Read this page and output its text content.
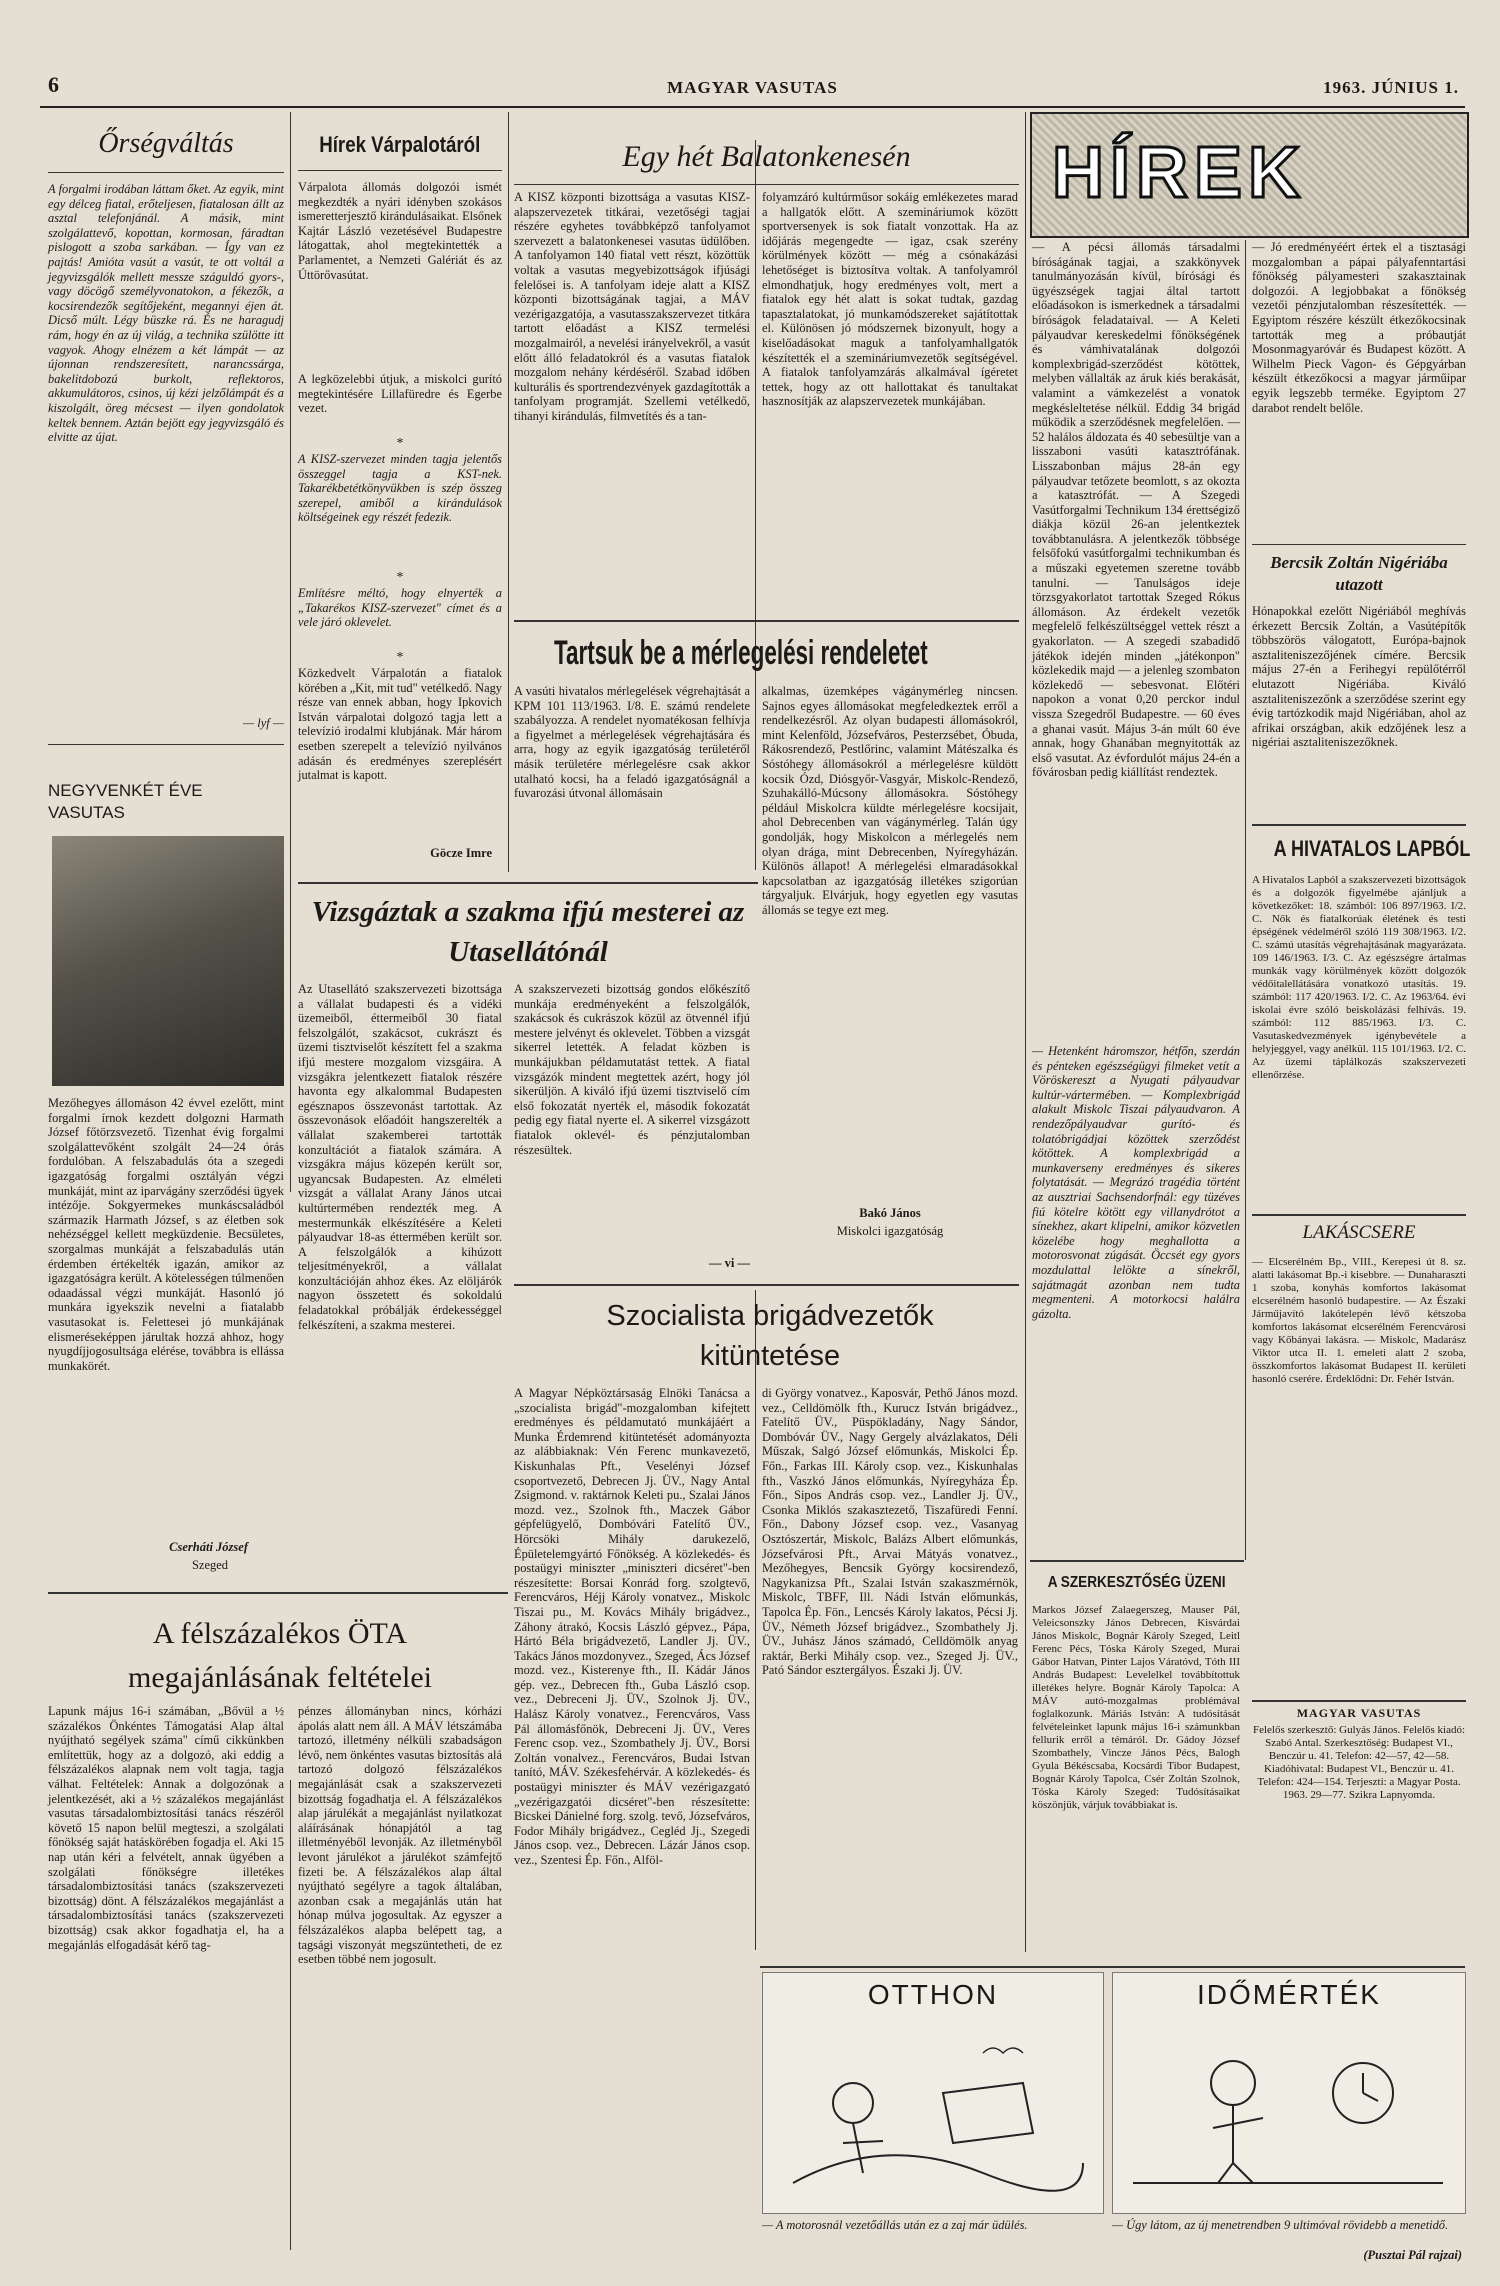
6	MAGYAR VASUTAS	1963. JÚNIUS 1.
Őrségváltás
A forgalmi irodában láttam őket. Az egyik, mint egy délceg fiatal, erőteljesen, fiatalosan állt az asztal telefonjánál. A másik, mint szolgálattevő, kopottan, kormosan, fáradtan pislogott a szoba sarkában. — Így van ez pajtás! Amióta vasút a vasút, te ott voltál a jegyvizsgálók mellett messze száguldó gyors-, vagy döcögő személyvonatokon, a fékezők, a kocsirendezők segítőjeként, megannyi éjen át. Dicső múlt. Légy büszke rá. És ne haragudj rám, hogy én az új világ, a technika szülötte itt vagyok. Ahogy elnézem a két lámpát — az újonnan rendszeresített, narancssárga, bakelitdobozú burkolt, reflektoros, akkumulátoros, csinos, új kézi jelzőlámpát és a kiszolgált, öreg mécsest — ilyen gondolatok keltek bennem. Aztán bejött egy jegyvizsgáló és elvitte az újat.
— lyf —
NEGYVENKÉT ÉVE VASUTAS
Mezőhegyes állomáson 42 évvel ezelőtt, mint forgalmi írnok kezdett dolgozni Harmath József főtörzsvezető. Tizenhat évig forgalmi szolgálattevőként szolgált 24—24 órás fordulóban. A felszabadulás óta a szegedi igazgatóság forgalmi osztályán végzi munkáját, mint az iparvágány szerződési ügyek intézője. Sokgyermekes munkáscsaládból származik Harmath József, s az életben sok nehézséggel kellett megküzdenie. Becsületes, szorgalmas munkáját a felszabadulás után érdemben értékelték igazán, amikor az igazgatóságra került. A kötelességen túlmenően odaadással végzi munkáját. Hasonló jó munkára igyekszik nevelni a fiatalabb vasutasokat is. Felettesei jó munkájának elismeréseképpen járultak hozzá ahhoz, hogy nyugdíjjogosultsága elérése, továbbra is ellássa munkakörét.
Cserháti József
Szeged
Hírek Várpalotáról
Várpalota állomás dolgozói ismét megkezdték a nyári idényben szokásos ismeretterjesztő kirándulásaikat. Elsőnek Kajtár László vezetésével Budapestre látogattak, ahol megtekintették a Parlamentet, a Nemzeti Galériát és az Úttörővasútat.
A legközelebbi útjuk, a miskolci gurító megtekintésére Lillafüredre és Egerbe vezet.
*
A KISZ-szervezet minden tagja jelentős összeggel tagja a KST-nek. Takarékbetétkönyvükben is szép összeg szerepel, amiből a kirándulások költségeinek egy részét fedezik.
*
Említésre méltó, hogy elnyerték a „Takarékos KISZ-szervezet" címet és a vele járó oklevelet.
*
Közkedvelt Várpalotán a fiatalok körében a „Kit, mit tud" vetélkedő. Nagy része van ennek abban, hogy Ipkovich István várpalotai dolgozó tagja lett a televízió irodalmi klubjának. Már három esetben szerepelt a televízió nyilvános adásán és eredményes szereplésért jutalmat is kapott.
Göcze Imre
Egy hét Balatonkenesén
A KISZ központi bizottsága a vasutas KISZ-alapszervezetek titkárai, vezetőségi tagjai részére egyhetes továbbképző tanfolyamot szervezett a balatonkenesei vasutas üdülőben. A tanfolyamon 140 fiatal vett részt, közöttük voltak a vasutas megyebizottságok ifjúsági felelősei is. A tanfolyam ideje alatt a KISZ központi bizottságának tagjai, a MÁV vezérigazgatója, a vasutasszakszervezet titkára tartott előadást a KISZ termelési mozgalmairól, a nevelési irányelvekről, a vasút előtt álló feladatokról és a vasutas fiatalok mozgalom nehány kérdéséről. Szabad időben kulturális és sportrendezvények gazdagították a tanfolyam programját. Szellemi vetélkedő, tihanyi kirándulás, filmvetítés és a tan-
folyamzáró kultúrműsor sokáig emlékezetes marad a hallgatók előtt. A szemináriumok között sportversenyek is sok fiatalt vonzottak. Ha az időjárás megengedte — igaz, csak szerény körülmények között — még a csónakázási lehetőséget is biztosítva voltak. A tanfolyamról elmondhatjuk, hogy eredményes volt, mert a fiatalok egy hét alatt is sokat tudtak, gazdag tapasztalatokat, jó munkamódszereket sajátítottak el. Különösen jó módszernek bizonyult, hogy a kiselőadásokat maguk a tanfolyamhallgatók készítették el a szemináriumvezetők segítségével. A fiatalok tanfolyamzárás alkalmával ígéretet tettek, hogy az ott hallottakat és tanultakat hasznosítják az alapszervezetek munkájában.
Tartsuk be a mérlegelési rendeletet
A vasúti hivatalos mérlegelések végrehajtását a KPM 101 113/1963. I/8. E. számú rendelete szabályozza. A rendelet nyomatékosan felhívja a figyelmet a mérlegelések végrehajtására és arra, hogy az egyik igazgatóság területéről másik területére mérlegelésre csak akkor utalható kocsi, ha a feladó igazgatóságnál a fuvarozási útvonal állomásain
alkalmas, üzemképes vágánymérleg nincsen. Sajnos egyes állomásokat megfeledkeztek erről a rendelkezésről. Az olyan budapesti állomásokról, mint Kelenföld, Józsefváros, Pesterzsébet, Óbuda, Rákosrendező, Pestlőrinc, valamint Mátészalka és Sóstóhegy állomásokról a mérlegelésre küldött kocsik Ózd, Diósgyőr-Vasgyár, Miskolc-Rendező, Szuhakálló-Múcsony állomásokra. Sóstóhegy például Miskolcra küldte mérlegelésre kocsijait, ahol Debrecenben van vágánymérleg. Talán úgy gondolják, hogy Miskolcon a mérlegelés nem olyan drága, mint Debrecenben, Nyíregyházán. Különös állapot! A mérlegelési elmaradásokkal kapcsolatban az igazgatóság illetékes szigorúan tárgyaljuk. Elvárjuk, hogy egyetlen egy vasutas állomás se tegye ezt meg.
Bakó János
Miskolci igazgatóság
Vizsgáztak a szakma ifjú mesterei az Utasellátónál
Az Utasellátó szakszervezeti bizottsága a vállalat budapesti és a vidéki üzemeiből, éttermeiből 30 fiatal felszolgálót, szakácsot, cukrászt és üzemi tisztviselőt készített fel a szakma ifjú mestere mozgalom vizsgáira. A vizsgákra jelentkezett fiatalok részére havonta egy alkalommal Budapesten egésznapos összevonást tartottak. Az összevonások előadóit hangszerelték a vállalat szakemberei tartották konzultációt a fiatalok számára. A vizsgákra május közepén került sor, ugyancsak Budapesten. Az elméleti vizsgát a vállalat Arany János utcai kultúrtermében rendezték meg. A mestermunkák elkészítésére a Keleti pályaudvar 18-as éttermében került sor. A felszolgálók a kihúzott teljesítményekről, a vállalat konzultációján ahhoz ékes. Az elöljárók nagyon összetett és sokoldalú feladatokkal próbálják érdekességgel felkészíteni, a szakma mesterei.
A szakszervezeti bizottság gondos előkészítő munkája eredményeként a felszolgálók, szakácsok és cukrászok közül az ötvennél ifjú mestere jelvényt és oklevelet. Többen a vizsgát sikerrel letették. A feladat közben is munkájukban példamutatást tettek. A fiatal vizsgázók mindent megtettek azért, hogy jól sikerüljön. A kiváló ifjú üzemi tisztviselő cím első fokozatát nyerték el, második fokozatát pedig egy fiatal nyerte el. A sikerrel vizsgázott fiatalok oklevél- és pénzjutalomban részesültek.
— vi —
Szocialista brigádvezetők kitüntetése
A Magyar Népköztársaság Elnöki Tanácsa a „szocialista brigád"-mozgalomban kifejtett eredményes és példamutató munkájáért a Munka Érdemrend kitüntetését adományozta az alábbiaknak: Vén Ferenc munkavezető, Kiskunhalas Pft., Veselényi József csoportvezető, Debrecen Jj. ÜV., Nagy Antal Zsigmond. v. raktárnok Keleti pu., Szalai János mozd. vez., Szolnok fth., Maczek Gábor gépfelügyelő, Dombóvári Fatelítő ÜV., Hörcsöki Mihály darukezelő, Épületelemgyártó Főnökség. A közlekedés- és postaügyi miniszter „miniszteri dicséret"-ben részesítette: Borsai Konrád forg. szolgtevő, Ferencváros, Héjj Károly vonatvez., Miskolc Tiszai pu., M. Kovács Mihály brigádvez., Záhony átrakó, Kocsis László gépvez., Pápa, Hártó Béla brigádvezető, Landler Jj. ÜV., Takács János mozdonyvez., Szeged, Ács József mozd. vez., Kisterenye fth., II. Kádár János gép. vez., Debrecen fth., Guba László csop. vez., Debreceni Jj. ÜV., Szolnok Jj. ÜV., Halász Károly vonatvez., Ferencváros, Vass Pál állomásfőnök, Debreceni Jj. ÜV., Veres Ferenc csop. vez., Szombathely Jj. ÜV., Borsi Zoltán vonalvez., Ferencváros, Budai Istvan tanító, MÁV. Székesfehérvár. A közlekedés- és postaügyi miniszter és MÁV vezérigazgató „vezérigazgatói dicséret"-ben részesítette: Bicskei Dánielné forg. szolg. tevő, Józsefváros, Fodor Mihály brigádvez., Cegléd Jj., Szegedi János csop. vez., Debrecen. Lázár János csop. vez., Szentesi Ép. Főn., Alföl-
di György vonatvez., Kaposvár, Pethő János mozd. vez., Celldömölk fth., Kurucz István brigádvez., Fatelítő ÜV., Püspökladány, Nagy Sándor, Dombóvár ÜV., Nagy Gergely alvázlakatos, Déli Műszak, Salgó József előmunkás, Miskolci Ép. Főn., Farkas III. Károly csop. vez., Kiskunhalas fth., Vaszkó János előmunkás, Nyíregyháza Ép. Főn., Sipos András csop. vez., Landler Jj. ÜV., Csonka Miklós szakasztezető, Tiszafüredi Fenní. Főn., Dabony József csop. vez., Vasanyag Osztószertár, Miskolc, Balázs Albert előmunkás, Józsefvárosi Pft., Arvai Mátyás vonatvez., Mezőhegyes, Bencsik György kocsirendező, Nagykanizsa Pft., Szalai István szakaszmérnök, Miskolc, TBFF, Ill. Nádi István előmunkás, Tapolca Ép. Fön., Lencsés Károly lakatos, Pécsi Jj. ÜV., Németh József brigádvez., Szombathely Jj. ÜV., Juhász János számadó, Celldömölk anyag raktár, Berki Mihály csop. vez., Szeged Jj. ÜV., Pató Sándor esztergályos. Északi Jj. ÜV.
A félszázalékos ÖTA megajánlásának feltételei
Lapunk május 16-i számában, „Bővül a ½ százalékos Önkéntes Támogatási Alap által nyújtható segélyek száma" című cikkünkben említettük, hogy az a dolgozó, aki eddig a félszázalékos alapnak nem volt tagja, tagja válhat. Feltételek: Annak a dolgozónak a jelentkezését, aki a ½ százalékos megajánlást vasutas társadalombiztosítási tanács részéről követő 15 napon belül megteszi, a szolgálati főnökség saját hatáskörében fogadja el. Aki 15 nap után kéri a felvételt, annak ügyében a szolgálati főnökségre illetékes társadalombiztosítási tanács (szakszervezeti bizottság) dönt. A félszázalékos megajánlást a társadalombiztosítási tanács (szakszervezeti bizottság) csak akkor fogadhatja el, ha a megajánlás elfogadását kérő tag-
pénzes állományban nincs, kórházi ápolás alatt nem áll. A MÁV létszámába tartozó, illetmény nélküli szabadságon lévő, nem önkéntes vasutas biztosítás alá tartozó dolgozó félszázalékos megajánlását csak a szakszervezeti bizottság fogadhatja el. A félszázalékos alap járulékát a megajánlást nyilatkozat aláírásának hónapjától a tag illetményéből levonják. Az illetményből levont járulékot a járulékot számfejtő fizeti be. A félszázalékos alap által nyújtható segélyre a tagok általában, azonban csak a megajánlás után hat hónap múlva jogosultak. Az egyszer a félszázalékos alapba belépett tag, a tagsági viszonyát megszüntetheti, de ez esetben többé nem jogosult.
HÍREK
— A pécsi állomás társadalmi bíróságának tagjai, a szakkönyvek tanulmányozásán kívül, bírósági és ügyészségek tagjai által tartott előadásokon is ismerkednek a társadalmi bíróságok feladataival. — A Keleti pályaudvar kereskedelmi főnökségének és vámhivatalának dolgozói komplexbrigád-szerződést kötöttek, melyben vállalták az áruk kiés berakását, valamint a vámkezelést a vonatok megkésleltetése nélkül. Eddig 34 brigád működik a szerződésnek megfelelően. — 52 halálos áldozata és 40 sebesültje van a lisszaboni vasúti katasztrófának. Lisszabonban május 28-án egy pályaudvar tetőzete beomlott, s az okozta a katasztrófát. — A Szegedi Vasútforgalmi Technikum 134 érettségiző diákja közül 26-an jelentkeztek továbbtanulásra. A jelentkezők többsége felsőfokú vasútforgalmi technikumban és a műszaki egyetemen szeretne tovább tanulni. — Tanulságos ideje törzsgyakorlatot tartottak Szeged Rókus állomáson. Az érdekelt vezetők megfelelő felkészültséggel vettek részt a gyakorlaton. — A szegedi szabadidő játékok idején minden „játékonpon" közlekedik majd — a jelenleg szombaton közlekedő — sebesvonat. Előtéri napokon a vonat 0,20 perckor indul vissza Szegedről Budapestre. — 60 éves a ghanai vasút. Május 3-án múlt 60 éve annak, hogy Ghanában megnyitották az első vasutat. Az évfordulót május 24-én a fővárosban pedig kiállítást rendeztek.
— Jó eredményéért értek el a tisztasági mozgalomban a pápai pályafenntartási főnökség pályamesteri szakasztainak dolgozói. A legjobbakat a főnökség vezetői pénzjutalomban részesítették. — Egyiptom részére készült étkezőkocsinak tartották meg a próbautját Mosonmagyaróvár és Budapest között. A Wilhelm Pieck Vagon- és Gépgyárban készült étkezőkocsi a magyar járműipar egyik legszebb terméke. Egyiptom 27 darabot rendelt belőle.
— Hetenként háromszor, hétfőn, szerdán és pénteken egészségügyi filmeket vetít a Vöröskereszt a Nyugati pályaudvar kultúr-vártermében. — Komplexbrigád alakult Miskolc Tiszai pályaudvaron. A rendezőpályaudvar gurító- és tolatóbrigádjai közöttek szerződést kötöttek. A komplexbrigád a munkaverseny eredményes és sikeres folytatását. — Megrázó tragédia történt az ausztriai Sachsendorfnál: egy tüzéves fiú kötelre kötött egy villanydrótot a sínekhez, akart klipelni, amikor közvetlen közelébe hogy meghallotta a motorosvonat zúgását. Öccsét egy gyors mozdulattal lelökte a sínekről, sajátmagát azonban nem tudta megmenteni. A motorkocsi halálra gázolta.
Bercsik Zoltán Nigériába utazott
Hónapokkal ezelőtt Nigériából meghívás érkezett Bercsik Zoltán, a Vasútépítők többszörös válogatott, Európa-bajnok asztaliteniszezőjének címére. Bercsik május 27-én a Ferihegyi repülőtérről elutazott Nigériába. Kiváló asztaliteniszezőnk a szerződése szerint egy évig tartózkodik majd Nigériában, ahol az afrikai országban, akik edzőjének lesz a nigériai asztaliteniszezőknek.
A HIVATALOS LAPBÓL
A Hivatalos Lapból a szakszervezeti bizottságok és a dolgozók figyelmébe ajánljuk a következőket: 18. számból: 106 897/1963. I/2. C. Nők és fiatalkorúak életének és testi épségének védelméről szóló 119 308/1963. I/2. C. számú utasítás végrehajtásának magyarázata. 109 146/1963. I/3. C. Az egészségre ártalmas munkák vagy körülmények között dolgozók védőitalellátására vonatkozó utasítás. 19. számból: 117 420/1963. I/2. C. Az 1963/64. évi iskolai évre szóló beiskolázási felhívás. 19. számból: 112 885/1963. I/3. C. Vasutaskedvezmények igénybevétele a helyjeggyel, vagy anélkül. 115 101/1963. I/2. C. Az üzemi táplálkozás szakszervezeti ellenőrzése.
LAKÁSCSERE
— Elcserélném Bp., VIII., Kerepesi út 8. sz. alatti lakásomat Bp.-i kisebbre. — Dunaharaszti 1 szoba, konyhás komfortos lakásomat elcserélném hasonló budapestire. — Az Északi Járműjavító lakótelepén lévő kétszoba komfortos lakásomat elcserélném Ferencvárosi vagy Kőbányai lakásra. — Miskolc, Madarász Viktor utca II. 1. emeleti alatt 2 szoba, összkomfortos lakásomat Budapest II. kerületi hasonló cserére. Érdeklődni: Dr. Fehér István.
A SZERKESZTŐSÉG ÜZENI
Markos József Zalaegerszeg, Mauser Pál, Veleicsonszky János Debrecen, Kisvárdai János Miskolc, Bognár Károly Szeged, Leitl Ferenc Pécs, Tóska Károly Szeged, Murai Gábor Hatvan, Pinter Lajos Váratóvd, Tóth III András Budapest: Levelelkel továbbítottuk illetékes helyre. Bognár Károly Tapolca: A MÁV autó-mozgalmas problémával foglalkozunk. Máriás István: A tudósítását felvételeinket lapunk május 16-i számunkban fellurik erről a témáról. Dr. Gádoy József Szombathely, Vincze János Pécs, Balogh Gyula Békéscsaba, Kocsárdi Tibor Budapest, Bognár Károly Tapolca, Csér Zoltán Szolnok, Tóska Károly Szeged: Tudósításaikat köszönjük, várjuk továbbiakat is.
MAGYAR VASUTAS
Felelős szerkesztő: Gulyás János. Felelős kiadó: Szabó Antal. Szerkesztőség: Budapest VI., Benczúr u. 41. Telefon: 42—57, 42—58. Kiadóhivatal: Budapest VI., Benczúr u. 41. Telefon: 424—154. Terjeszti: a Magyar Posta. 1963. 29—77. Szikra Lapnyomda.
OTTHON	IDŐMÉRTÉK
— A motorosnál vezetőállás után ez a zaj már üdülés.	— Úgy látom, az új menetrendben 9 ultimóval rövidebb a menetidő.
(Pusztai Pál rajzai)
